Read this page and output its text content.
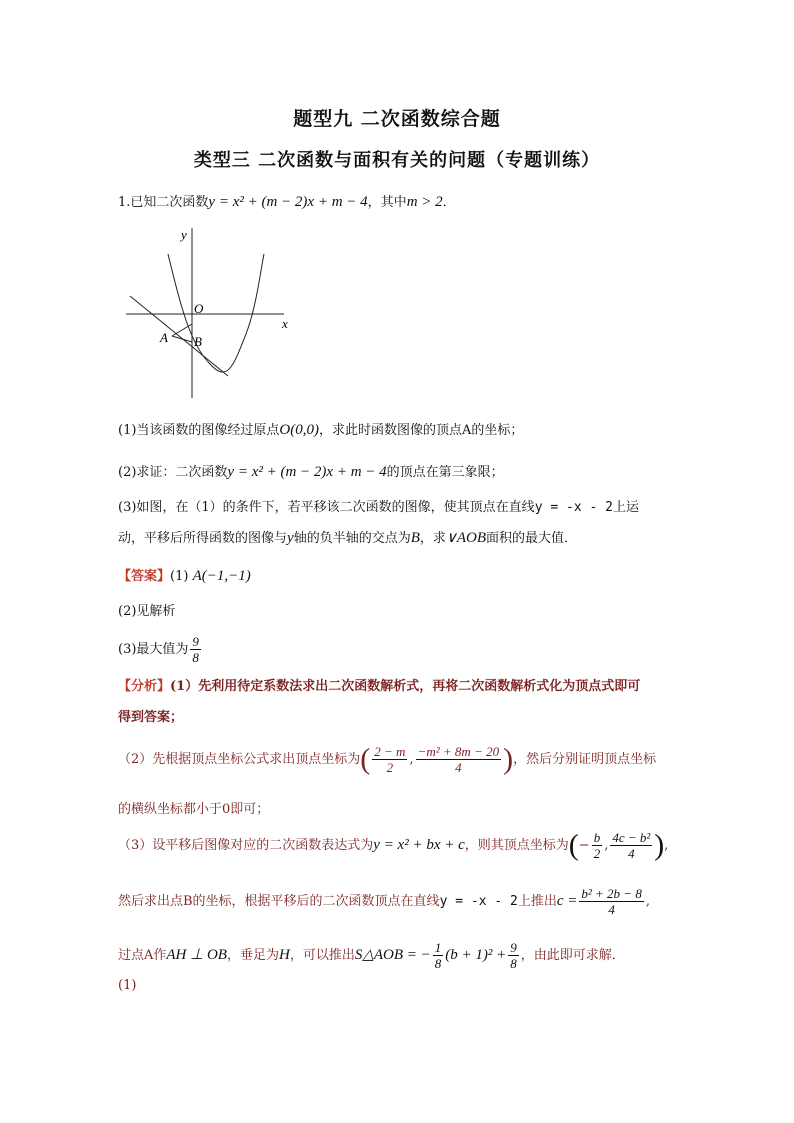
题型九 二次函数综合题
类型三 二次函数与面积有关的问题（专题训练）
1.已知二次函数y = x² + (m − 2)x + m − 4，其中m > 2．
y
x
O
A B
(1)当该函数的图像经过原点O(0,0)，求此时函数图像的顶点A的坐标；
(2)求证：二次函数y = x² + (m − 2)x + m − 4的顶点在第三象限；
(3)如图，在（1）的条件下，若平移该二次函数的图像，使其顶点在直线y = -x - 2上运
动，平移后所得函数的图像与y轴的负半轴的交点为B，求∨AOB面积的最大值．
【答案】(1) A(−1,−1)
(2)见解析
(3)最大值为 $\frac{9}{8}$
【分析】(1）先利用待定系数法求出二次函数解析式，再将二次函数解析式化为顶点式即可
得到答案；
（2）先根据顶点坐标公式求出顶点坐标为( $\frac{2 - m}{2}$ , $\frac{\text{−m² + 8m − 20}}{4}$ )，然后分别证明顶点坐标
的横纵坐标都小于0即可；
（3）设平移后图像对应的二次函数表达式为y = x² + bx + c，则其顶点坐标为(− $\frac{b}{2}$ , $\frac{\text{4c − b²}}{4}$ ),
然后求出点B的坐标，根据平移后的二次函数顶点在直线y = -x - 2上推出$c = \frac{\text{b² + 2b − 8}}{4}$ ,
过点A作AH ⊥ OB，垂足为H，可以推出S△AOB = − $\frac{1}{8} (b + 1)^2 + \frac{9}{8}$ ，由此即可求解．
(1)
